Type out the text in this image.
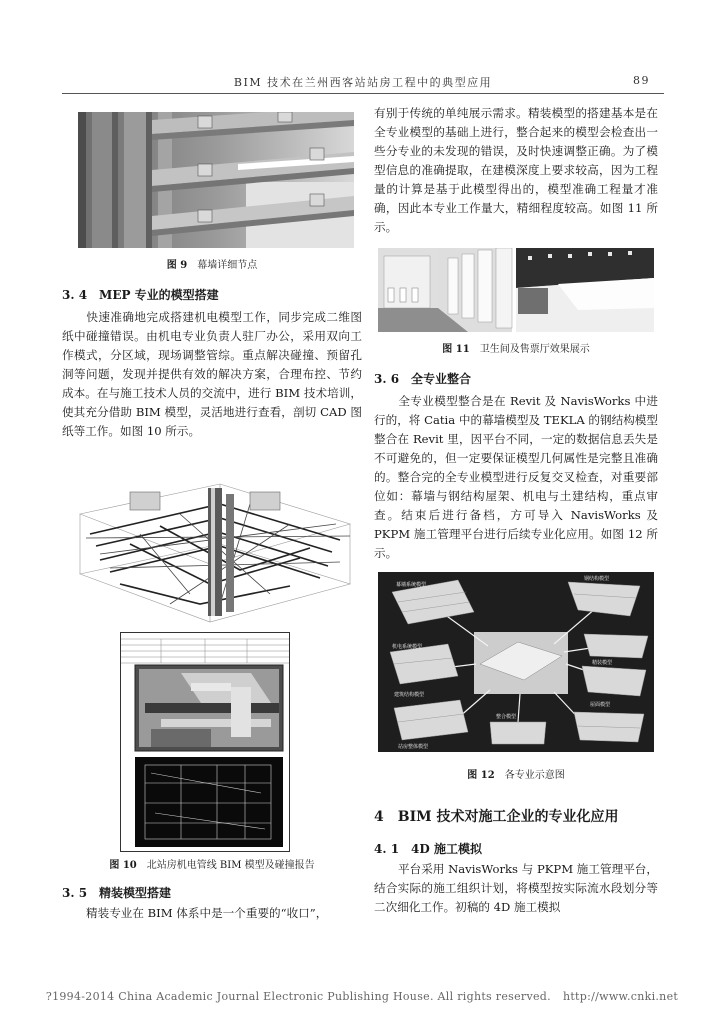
BIM 技术在兰州西客站站房工程中的典型应用	89

图 9 幕墙详细节点

3. 4　MEP 专业的模型搭建

快速准确地完成搭建机电模型工作，同步完成二维图纸中碰撞错误。由机电专业负责人驻厂办公，采用双向工作模式，分区域，现场调整管综。重点解决碰撞、预留孔洞等问题，发现并提供有效的解决方案，合理布控、节约成本。在与施工技术人员的交流中，进行 BIM 技术培训，使其充分借助 BIM 模型，灵活地进行查看，剖切 CAD 图纸等工作。如图 10 所示。

图 10 北站房机电管线 BIM 模型及碰撞报告

3. 5　精装模型搭建

精装专业在 BIM 体系中是一个重要的“收口”，

有别于传统的单纯展示需求。精装模型的搭建基本是在全专业模型的基础上进行，整合起来的模型会检查出一些分专业的未发现的错误，及时快速调整正确。为了模型信息的准确提取，在建模深度上要求较高，因为工程量的计算是基于此模型得出的，模型准确工程量才准确，因此本专业工作量大，精细程度较高。如图 11 所示。

图 11 卫生间及售票厅效果展示

3. 6　全专业整合

全专业模型整合是在 Revit 及 NavisWorks 中进行的，将 Catia 中的幕墙模型及 TEKLA 的钢结构模型整合在 Revit 里，因平台不同，一定的数据信息丢失是不可避免的，但一定要保证模型几何属性是完整且准确的。整合完的全专业模型进行反复交叉检查，对重要部位如：幕墙与钢结构屋架、机电与土建结构，重点审查。结束后进行备档，方可导入 NavisWorks 及 PKPM 施工管理平台进行后续专业化应用。如图 12 所示。

幕墙系统模型
钢结构模型
机电系统模型
建筑结构模型
整合模型
精装模型
屋面模型
站房整体模型

图 12 各专业示意图

4　BIM 技术对施工企业的专业化应用

4. 1　4D 施工模拟

平台采用 NavisWorks 与 PKPM 施工管理平台，结合实际的施工组织计划，将模型按实际流水段划分等二次细化工作。初稿的 4D 施工模拟

?1994-2014 China Academic Journal Electronic Publishing House. All rights reserved. http://www.cnki.net
